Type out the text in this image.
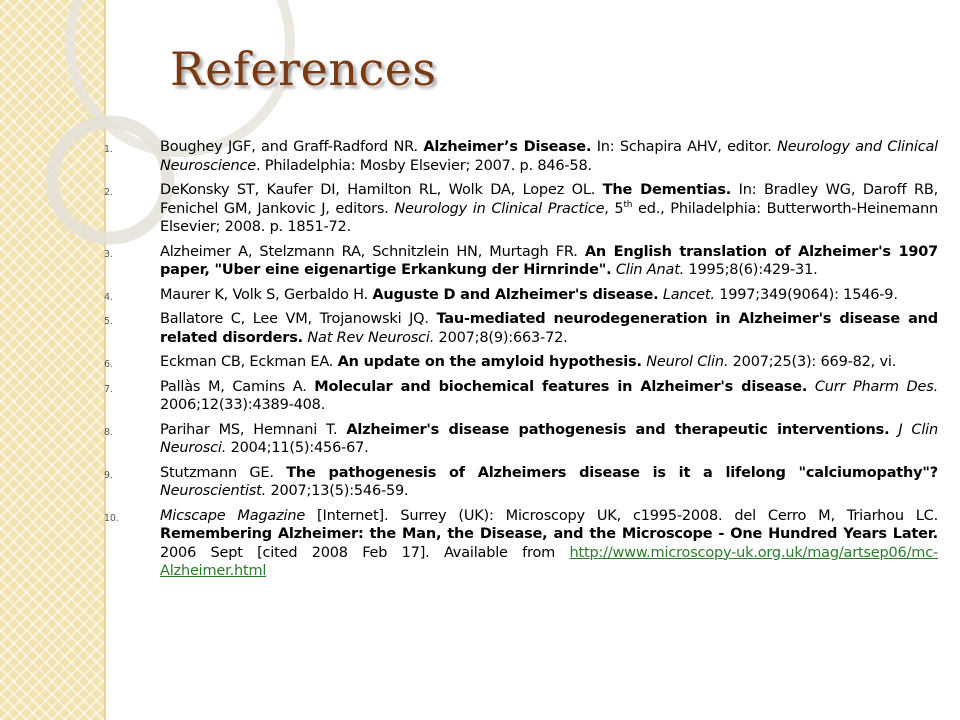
References
1.	Boughey JGF, and Graff-Radford NR. Alzheimer’s Disease. In: Schapira AHV, editor. Neurology and Clinical Neuroscience. Philadelphia: Mosby Elsevier; 2007. p. 846-58.
2.	DeKonsky ST, Kaufer DI, Hamilton RL, Wolk DA, Lopez OL. The Dementias. In: Bradley WG, Daroff RB, Fenichel GM, Jankovic J, editors. Neurology in Clinical Practice, 5th ed., Philadelphia: Butterworth-Heinemann Elsevier; 2008. p. 1851-72.
3.	Alzheimer A, Stelzmann RA, Schnitzlein HN, Murtagh FR. An English translation of Alzheimer's 1907 paper, "Uber eine eigenartige Erkankung der Hirnrinde". Clin Anat. 1995;8(6):429-31.
4.	Maurer K, Volk S, Gerbaldo H. Auguste D and Alzheimer's disease. Lancet. 1997;349(9064): 1546-9.
5.	Ballatore C, Lee VM, Trojanowski JQ. Tau-mediated neurodegeneration in Alzheimer's disease and related disorders. Nat Rev Neurosci. 2007;8(9):663-72.
6.	Eckman CB, Eckman EA. An update on the amyloid hypothesis. Neurol Clin. 2007;25(3): 669-82, vi.
7.	Pallàs M, Camins A. Molecular and biochemical features in Alzheimer's disease. Curr Pharm Des. 2006;12(33):4389-408.
8.	Parihar MS, Hemnani T. Alzheimer's disease pathogenesis and therapeutic interventions. J Clin Neurosci. 2004;11(5):456-67.
9.	Stutzmann GE. The pathogenesis of Alzheimers disease is it a lifelong "calciumopathy"? Neuroscientist. 2007;13(5):546-59.
10.	Micscape Magazine [Internet]. Surrey (UK): Microscopy UK, c1995-2008. del Cerro M, Triarhou LC. Remembering Alzheimer: the Man, the Disease, and the Microscope - One Hundred Years Later. 2006 Sept [cited 2008 Feb 17]. Available from http://www.microscopy-uk.org.uk/mag/artsep06/mc-Alzheimer.html
